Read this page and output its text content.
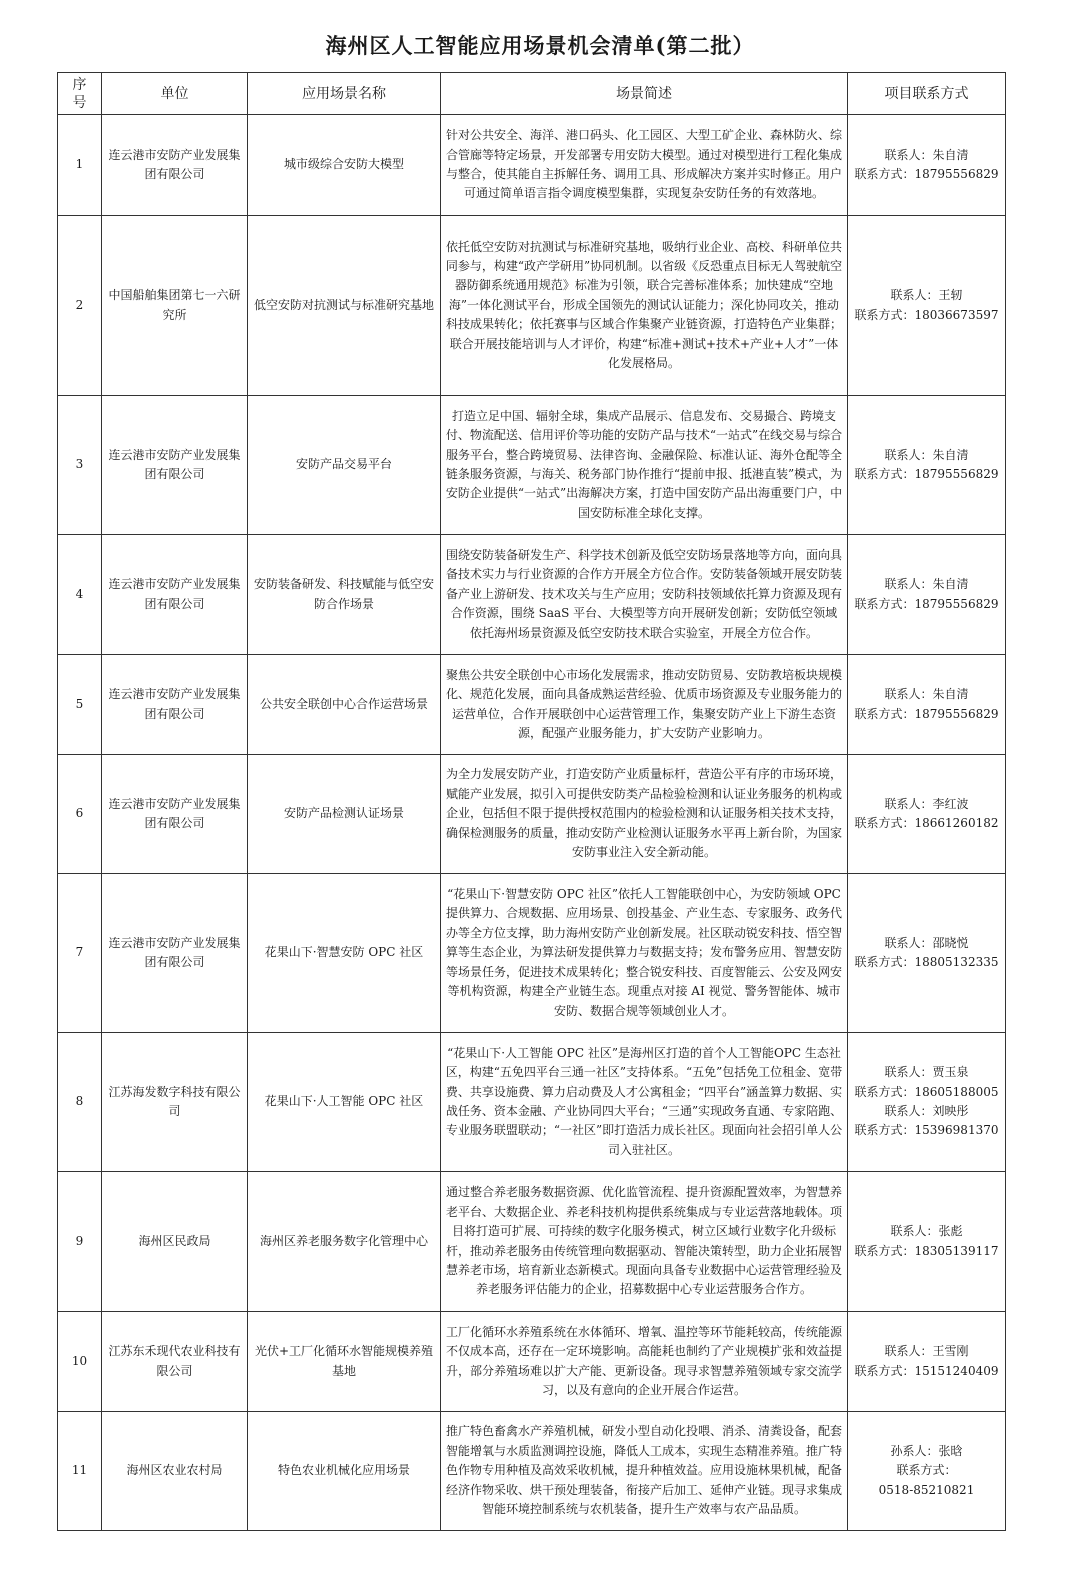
海州区人工智能应用场景机会清单(第二批）
序
号	单位	应用场景名称	场景简述	项目联系方式
1	连云港市安防产业发展集团有限公司	城市级综合安防大模型	针对公共安全、海洋、港口码头、化工园区、大型工矿企业、森林防火、综合管廊等特定场景，开发部署专用安防大模型。通过对模型进行工程化集成与整合，使其能自主拆解任务、调用工具、形成解决方案并实时修正。用户可通过简单语言指令调度模型集群，实现复杂安防任务的有效落地。	联系人：朱自清
联系方式：18795556829

2	中国船舶集团第七一六研究所	低空安防对抗测试与标准研究基地	依托低空安防对抗测试与标准研究基地，吸纳行业企业、高校、科研单位共同参与，构建“政产学研用”协同机制。以省级《反恐重点目标无人驾驶航空器防御系统通用规范》标准为引领，联合完善标准体系；加快建成“空地海”一体化测试平台，形成全国领先的测试认证能力；深化协同攻关，推动科技成果转化；依托赛事与区域合作集聚产业链资源，打造特色产业集群；联合开展技能培训与人才评价，构建“标准+测试+技术+产业+人才”一体化发展格局。	联系人：王轫
联系方式：18036673597

3	连云港市安防产业发展集团有限公司	安防产品交易平台	打造立足中国、辐射全球，集成产品展示、信息发布、交易撮合、跨境支付、物流配送、信用评价等功能的安防产品与技术“一站式”在线交易与综合服务平台，整合跨境贸易、法律咨询、金融保险、标准认证、海外仓配等全链条服务资源，与海关、税务部门协作推行“提前申报、抵港直装”模式，为安防企业提供“一站式”出海解决方案，打造中国安防产品出海重要门户，中国安防标准全球化支撑。	联系人：朱自清
联系方式：18795556829

4	连云港市安防产业发展集团有限公司	安防装备研发、科技赋能与低空安防合作场景	围绕安防装备研发生产、科学技术创新及低空安防场景落地等方向，面向具备技术实力与行业资源的合作方开展全方位合作。安防装备领域开展安防装备产业上游研发、技术攻关与生产应用；安防科技领域依托算力资源及现有合作资源，围绕 SaaS 平台、大模型等方向开展研发创新；安防低空领域依托海州场景资源及低空安防技术联合实验室，开展全方位合作。	联系人：朱自清
联系方式：18795556829

5	连云港市安防产业发展集团有限公司	公共安全联创中心合作运营场景	聚焦公共安全联创中心市场化发展需求，推动安防贸易、安防教培板块规模化、规范化发展，面向具备成熟运营经验、优质市场资源及专业服务能力的运营单位，合作开展联创中心运营管理工作，集聚安防产业上下游生态资源，配强产业服务能力，扩大安防产业影响力。	联系人：朱自清
联系方式：18795556829

6	连云港市安防产业发展集团有限公司	安防产品检测认证场景	为全力发展安防产业，打造安防产业质量标杆，营造公平有序的市场环境，赋能产业发展，拟引入可提供安防类产品检验检测和认证业务服务的机构或企业，包括但不限于提供授权范围内的检验检测和认证服务相关技术支持，确保检测服务的质量，推动安防产业检测认证服务水平再上新台阶，为国家安防事业注入安全新动能。	联系人：李红波
联系方式：18661260182

7	连云港市安防产业发展集团有限公司	花果山下·智慧安防 OPC 社区	“花果山下·智慧安防 OPC 社区”依托人工智能联创中心，为安防领域 OPC 提供算力、合规数据、应用场景、创投基金、产业生态、专家服务、政务代办等全方位支撑，助力海州安防产业创新发展。社区联动锐安科技、悟空智算等生态企业，为算法研发提供算力与数据支持；发布警务应用、智慧安防等场景任务，促进技术成果转化；整合锐安科技、百度智能云、公安及网安等机构资源，构建全产业链生态。现重点对接 AI 视觉、警务智能体、城市安防、数据合规等领域创业人才。	联系人：邵晓悦
联系方式：18805132335

8	江苏海发数字科技有限公司	花果山下·人工智能 OPC 社区	“花果山下·人工智能 OPC 社区”是海州区打造的首个人工智能OPC 生态社区，构建“五免四平台三通一社区”支持体系。“五免”包括免工位租金、宽带费、共享设施费、算力启动费及人才公寓租金；“四平台”涵盖算力数据、实战任务、资本金融、产业协同四大平台；“三通”实现政务直通、专家陪跑、专业服务联盟联动；“一社区”即打造活力成长社区。现面向社会招引单人公司入驻社区。	联系人：贾玉泉
联系方式：18605188005
联系人：刘映彤
联系方式：15396981370

9	海州区民政局	海州区养老服务数字化管理中心	通过整合养老服务数据资源、优化监管流程、提升资源配置效率，为智慧养老平台、大数据企业、养老科技机构提供系统集成与专业运营落地载体。项目将打造可扩展、可持续的数字化服务模式，树立区域行业数字化升级标杆，推动养老服务由传统管理向数据驱动、智能决策转型，助力企业拓展智慧养老市场，培育新业态新模式。现面向具备专业数据中心运营管理经验及养老服务评估能力的企业，招募数据中心专业运营服务合作方。	联系人：张彪
联系方式：18305139117

10	江苏东禾现代农业科技有限公司	光伏+工厂化循环水智能规模养殖基地	工厂化循环水养殖系统在水体循环、增氧、温控等环节能耗较高，传统能源不仅成本高，还存在一定环境影响。高能耗也制约了产业规模扩张和效益提升，部分养殖场难以扩大产能、更新设备。现寻求智慧养殖领域专家交流学习，以及有意向的企业开展合作运营。	联系人：王雪刚
联系方式：15151240409

11	海州区农业农村局	特色农业机械化应用场景	推广特色畜禽水产养殖机械，研发小型自动化投喂、消杀、清粪设备，配套智能增氧与水质监测调控设施，降低人工成本，实现生态精准养殖。推广特色作物专用种植及高效采收机械，提升种植效益。应用设施林果机械，配备经济作物采收、烘干预处理装备，衔接产后加工、延伸产业链。现寻求集成智能环境控制系统与农机装备，提升生产效率与农产品品质。	孙系人：张晗
联系方式：
0518-85210821
